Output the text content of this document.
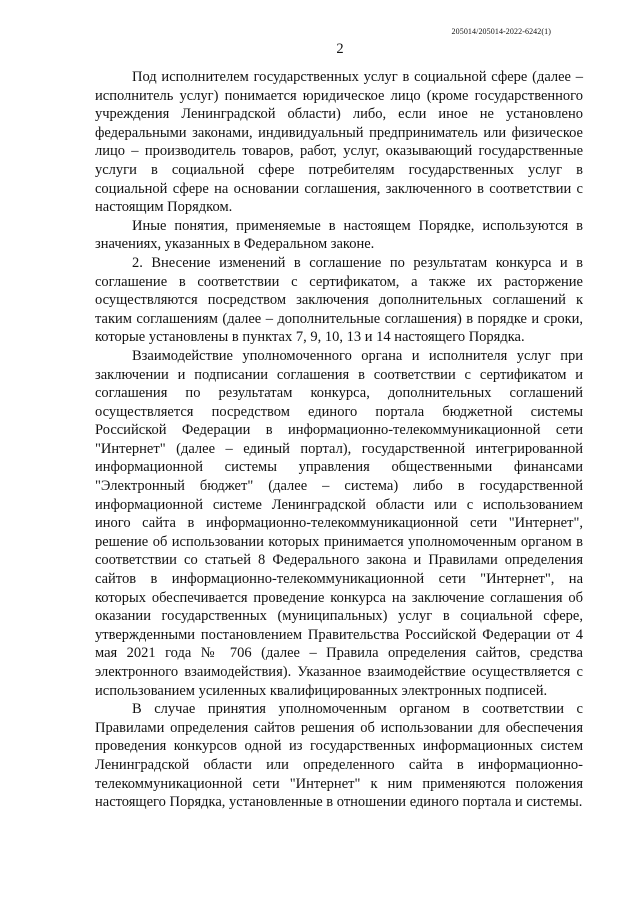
205014/205014-2022-6242(1)
2

Под исполнителем государственных услуг в социальной сфере (далее – исполнитель услуг) понимается юридическое лицо (кроме государственного учреждения Ленинградской области) либо, если иное не установлено федеральными законами, индивидуальный предприниматель или физическое лицо – производитель товаров, работ, услуг, оказывающий государственные услуги в социальной сфере потребителям государственных услуг в социальной сфере на основании соглашения, заключенного в соответствии с настоящим Порядком.

Иные понятия, применяемые в настоящем Порядке, используются в значениях, указанных в Федеральном законе.

2. Внесение изменений в соглашение по результатам конкурса и в соглашение в соответствии с сертификатом, а также их расторжение осуществляются посредством заключения дополнительных соглашений к таким соглашениям (далее – дополнительные соглашения) в порядке и сроки, которые установлены в пунктах 7, 9, 10, 13 и 14 настоящего Порядка.

Взаимодействие уполномоченного органа и исполнителя услуг при заключении и подписании соглашения в соответствии с сертификатом и соглашения по результатам конкурса, дополнительных соглашений осуществляется посредством единого портала бюджетной системы Российской Федерации в информационно-телекоммуникационной сети "Интернет" (далее – единый портал), государственной интегрированной информационной системы управления общественными финансами "Электронный бюджет" (далее – система) либо в государственной информационной системе Ленинградской области или с использованием иного сайта в информационно-телекоммуникационной сети "Интернет", решение об использовании которых принимается уполномоченным органом в соответствии со статьей 8 Федерального закона и Правилами определения сайтов в информационно-телекоммуникационной сети "Интернет", на которых обеспечивается проведение конкурса на заключение соглашения об оказании государственных (муниципальных) услуг в социальной сфере, утвержденными постановлением Правительства Российской Федерации от 4 мая 2021 года № 706 (далее – Правила определения сайтов, средства электронного взаимодействия). Указанное взаимодействие осуществляется с использованием усиленных квалифицированных электронных подписей.

В случае принятия уполномоченным органом в соответствии с Правилами определения сайтов решения об использовании для обеспечения проведения конкурсов одной из государственных информационных систем Ленинградской области или определенного сайта в информационно-телекоммуникационной сети "Интернет" к ним применяются положения настоящего Порядка, установленные в отношении единого портала и системы.
